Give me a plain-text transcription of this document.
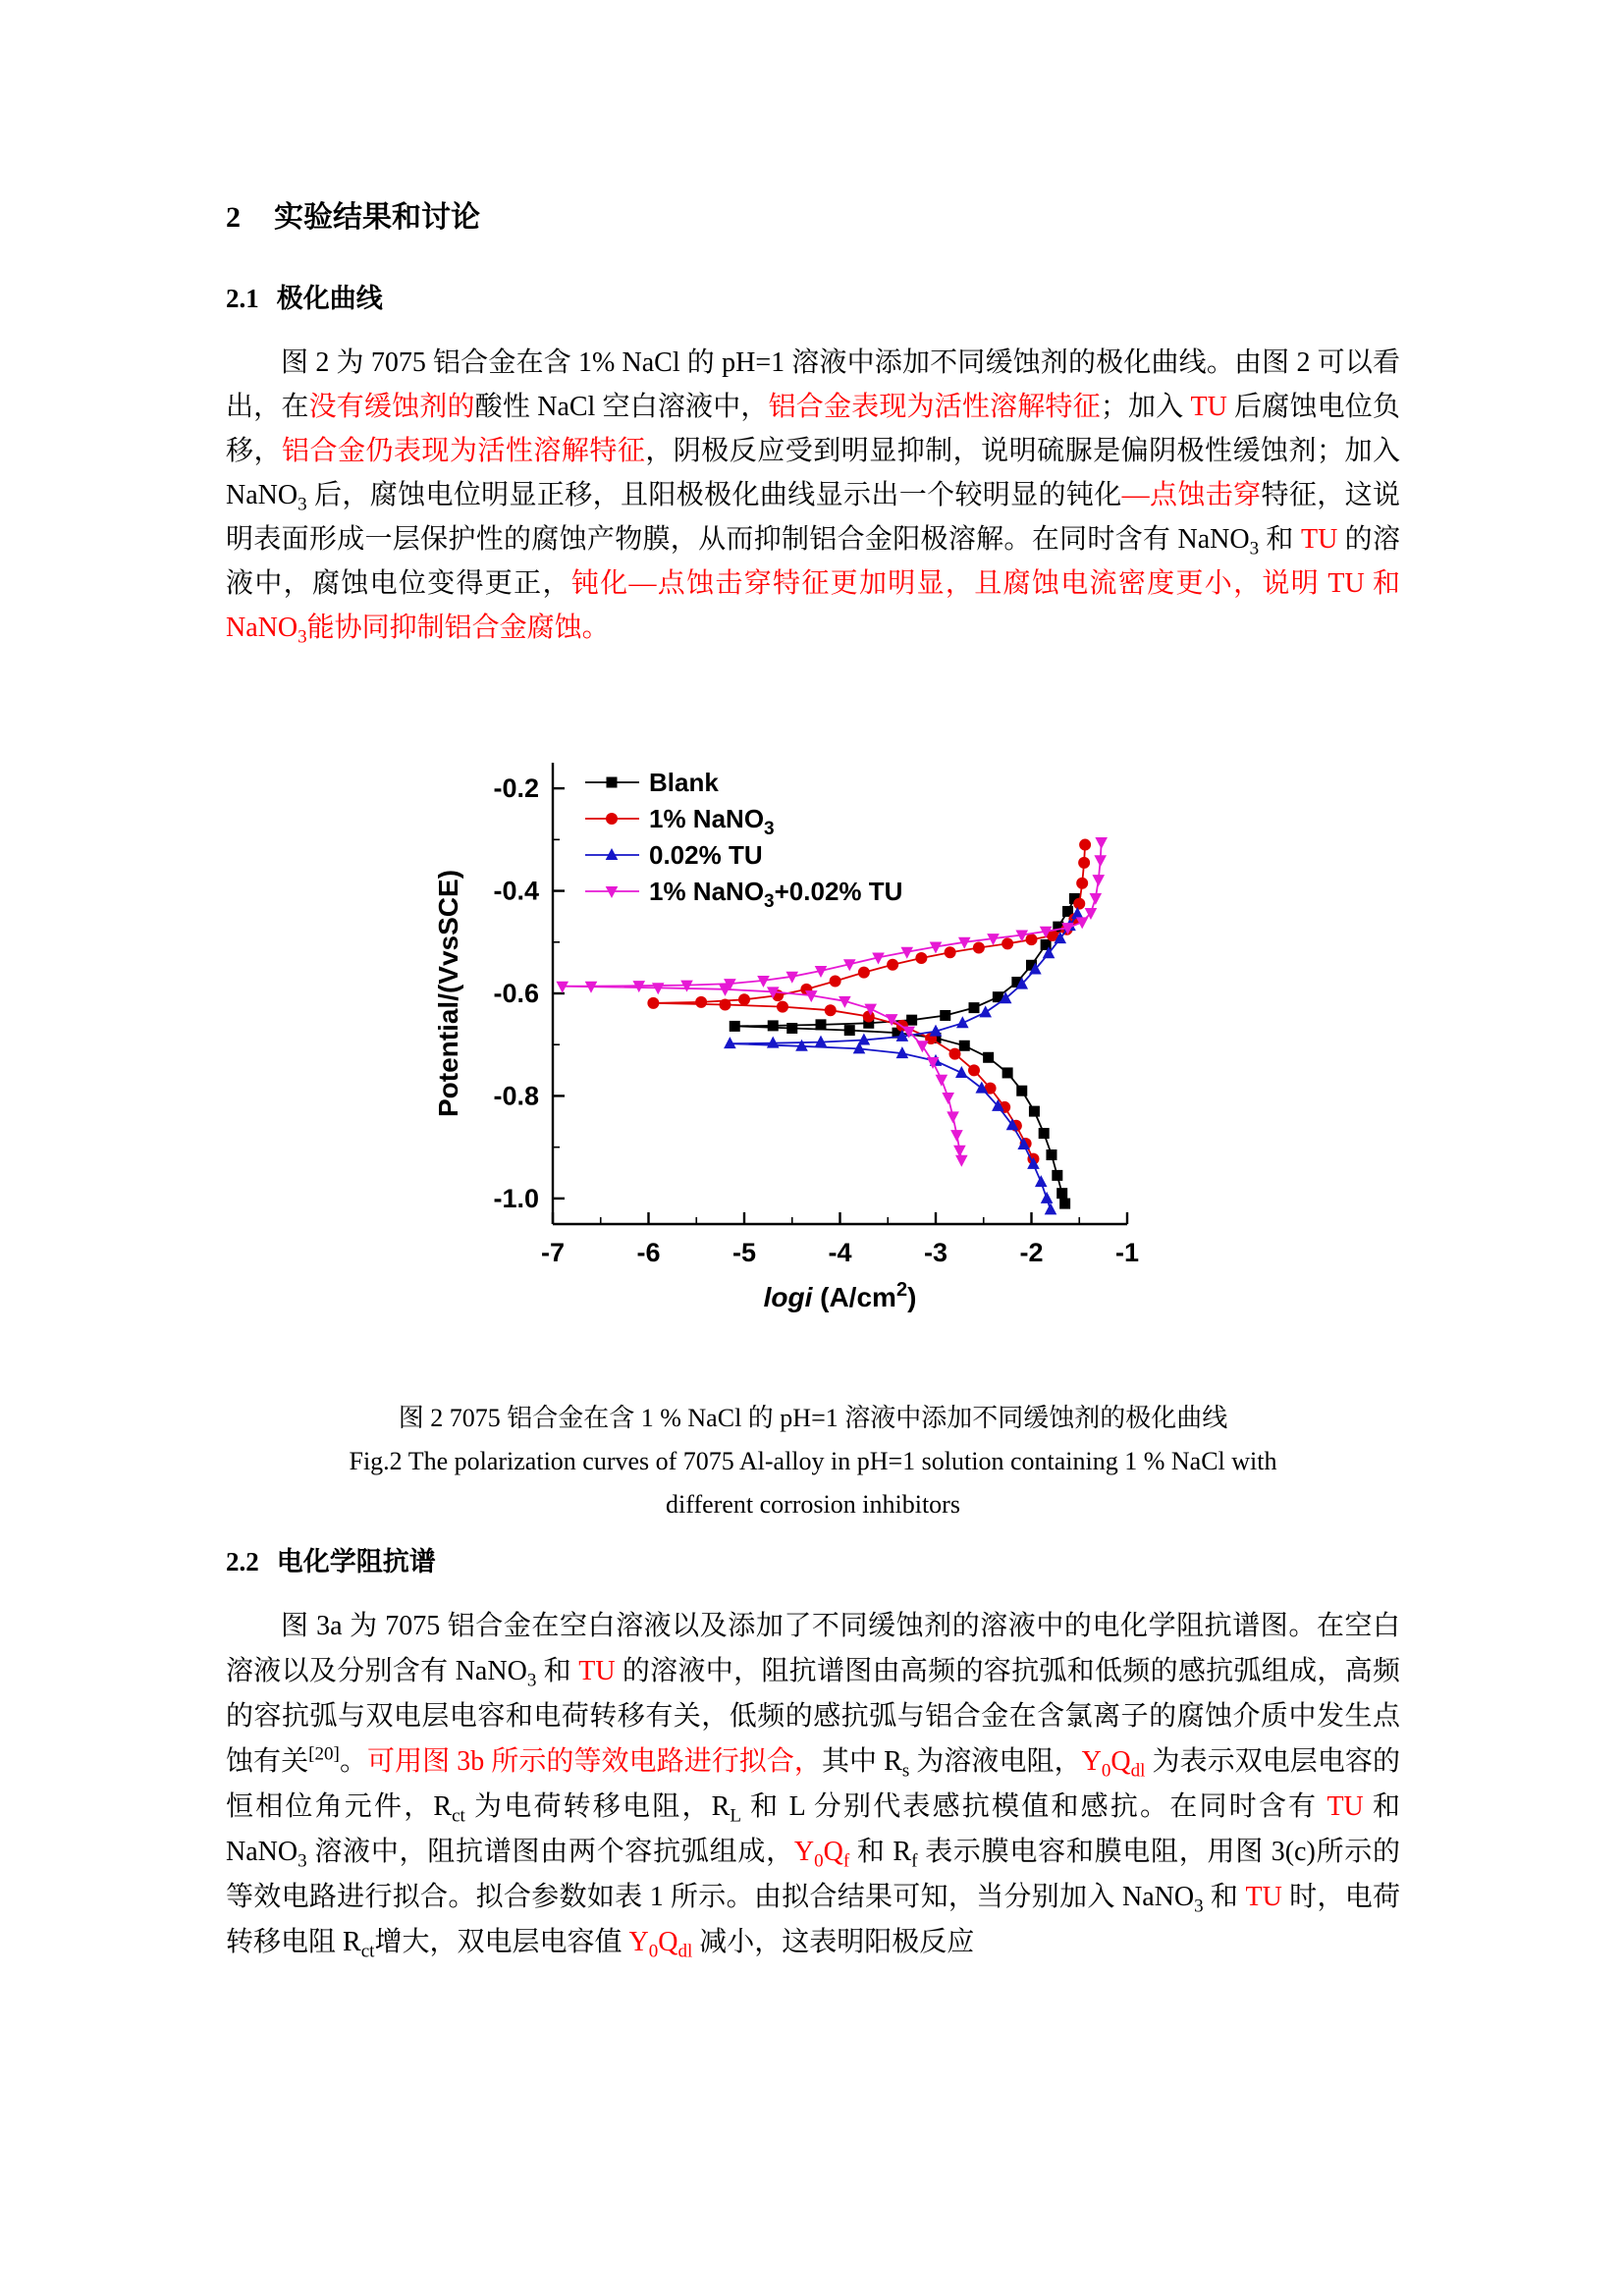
2 实验结果和讨论
2.1 极化曲线

图 2 为 7075 铝合金在含 1% NaCl 的 pH=1 溶液中添加不同缓蚀剂的极化曲线。由图 2 可以看出，在没有缓蚀剂的酸性 NaCl 空白溶液中，铝合金表现为活性溶解特征；加入 TU 后腐蚀电位负移，铝合金仍表现为活性溶解特征，阴极反应受到明显抑制，说明硫脲是偏阴极性缓蚀剂；加入 NaNO$_3$ 后，腐蚀电位明显正移，且阳极极化曲线显示出一个较明显的钝化—点蚀击穿特征，这说明表面形成一层保护性的腐蚀产物膜，从而抑制铝合金阳极溶解。在同时含有 NaNO$_3$ 和 TU 的溶液中，腐蚀电位变得更正，钝化—点蚀击穿特征更加明显，且腐蚀电流密度更小，说明 TU 和 NaNO$_3$能协同抑制铝合金腐蚀。

-0.2
-0.4
-0.6
-0.8
-1.0
-7	-6	-5	-4	-3	-2	-1
logi $(A/cm^2)$
Potential/(VvsSCE)
Blank
1% NaNO$_3$
0.02% TU
1% NaNO$_3$+0.02% TU
图 2 7075 铝合金在含 1 % NaCl 的 pH=1 溶液中添加不同缓蚀剂的极化曲线
Fig.2 The polarization curves of 7075 Al-alloy in pH=1 solution containing 1 % NaCl with
different corrosion inhibitors
2.2 电化学阻抗谱

图 3a 为 7075 铝合金在空白溶液以及添加了不同缓蚀剂的溶液中的电化学阻抗谱图。在空白溶液以及分别含有 NaNO$_3$ 和 TU 的溶液中，阻抗谱图由高频的容抗弧和低频的感抗弧组成，高频的容抗弧与双电层电容和电荷转移有关，低频的感抗弧与铝合金在含氯离子的腐蚀介质中发生点蚀有关[20]。可用图 3b 所示的等效电路进行拟合，其中 $R_s$ 为溶液电阻，$Y_0Q_{dl}$ 为表示双电层电容的恒相位角元件，$R_{ct}$ 为电荷转移电阻，$R_L$ 和 L 分别代表感抗模值和感抗。在同时含有 TU 和 NaNO$_3$ 溶液中，阻抗谱图由两个容抗弧组成，$Y_0Q_f$ 和 $R_f$ 表示膜电容和膜电阻，用图 3(c)所示的等效电路进行拟合。拟合参数如表 1 所示。由拟合结果可知，当分别加入 NaNO$_3$ 和 TU 时，电荷转移电阻 $R_{ct}$增大，双电层电容值 $Y_0Q_{dl}$ 减小，这表明阳极反应
